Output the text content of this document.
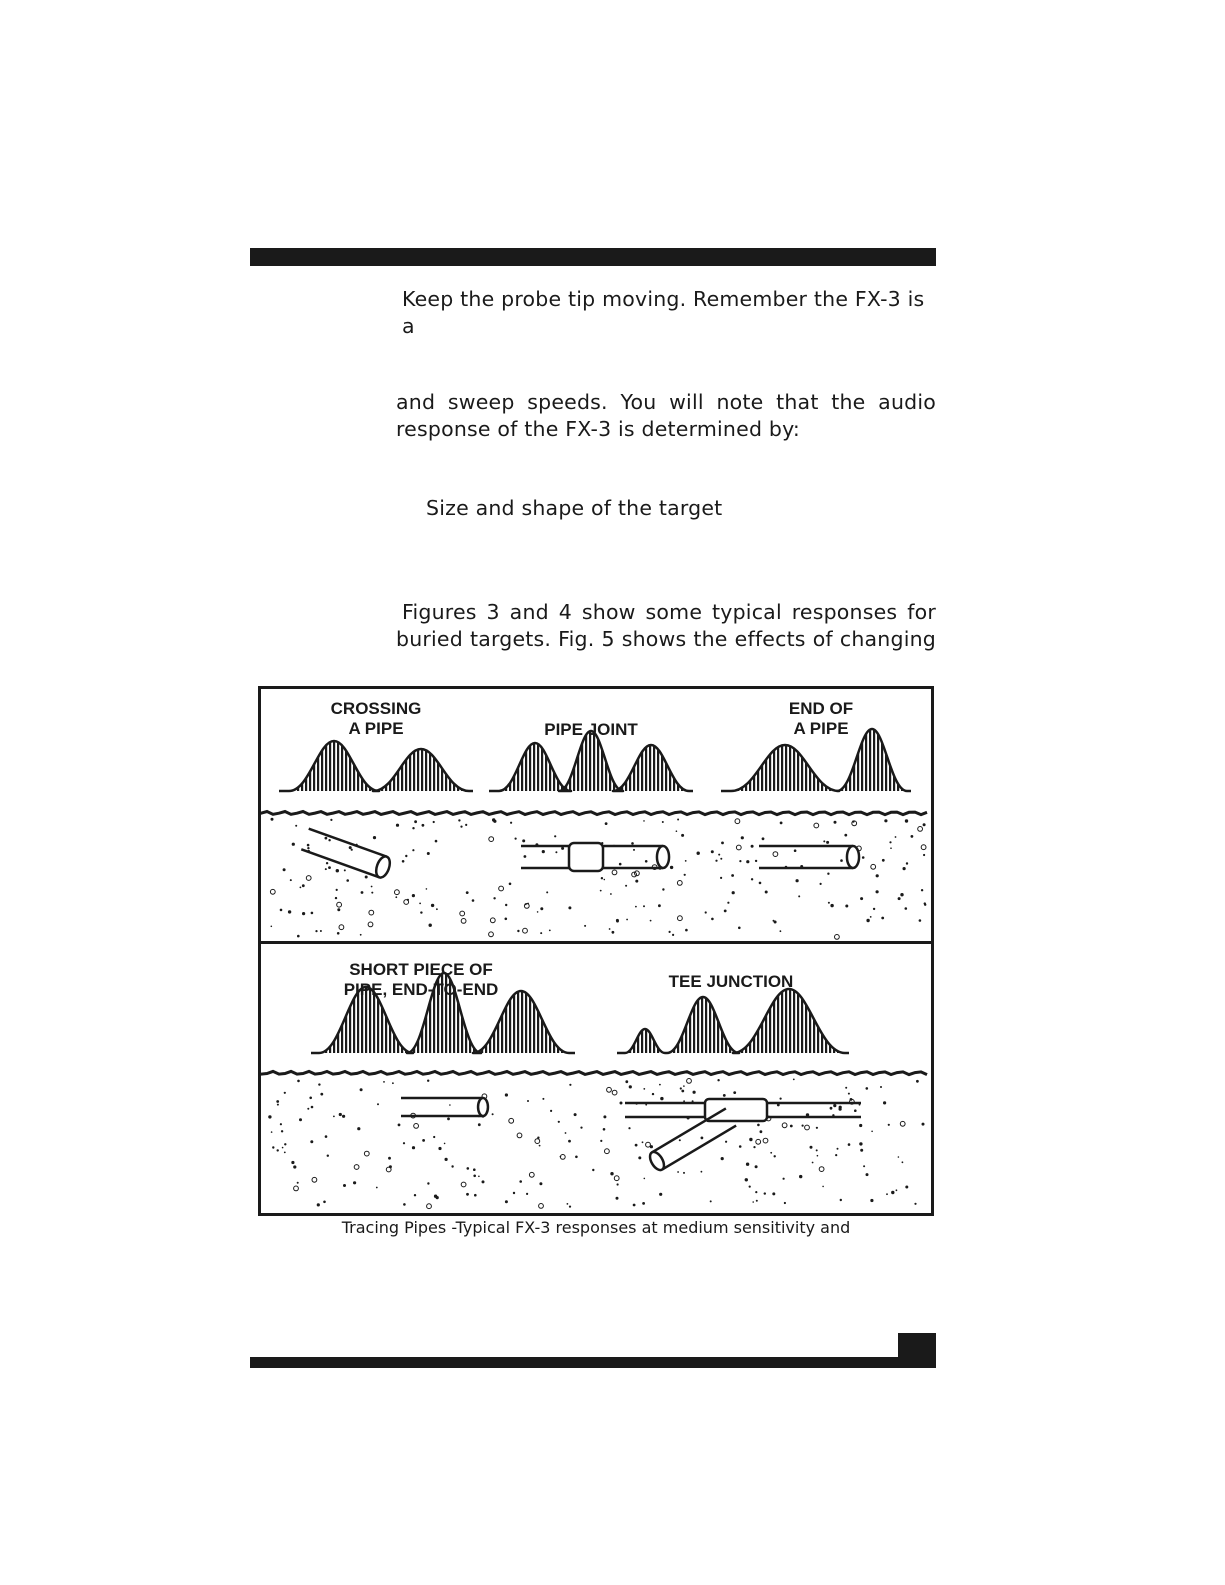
Keep the probe tip moving. Remember the FX-3 is a

and sweep speeds. You will note that the audio

response of the FX-3 is determined by:

Size and shape of the target

Figures 3 and 4 show some typical responses for

buried targets. Fig. 5 shows the effects of changing

CROSSING
A PIPE	PIPE JOINT
END OF
A PIPE
SHORT PIECE OF
PIPE, END-TO-END	TEE JUNCTION

Tracing Pipes -Typical FX-3 responses at medium sensitivity and
